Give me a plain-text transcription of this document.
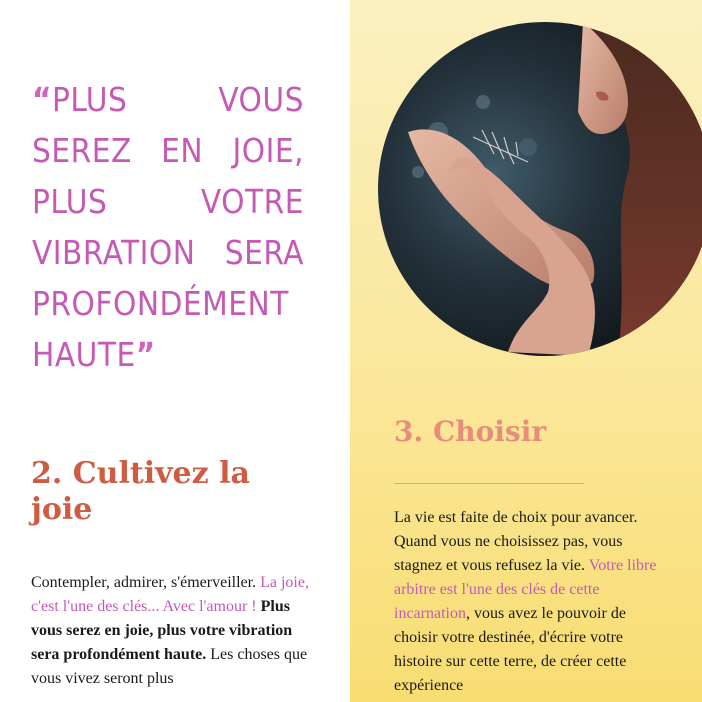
“PLUS VOUS SEREZ EN JOIE, PLUS VOTRE VIBRATION SERA PROFONDÉMENT HAUTE”

2. Cultivez la joie

Contempler, admirer, s'émerveiller. La joie, c'est l'une des clés... Avec l'amour ! Plus vous serez en joie, plus votre vibration sera profondément haute. Les choses que vous vivez seront plus

3. Choisir

La vie est faite de choix pour avancer. Quand vous ne choisissez pas, vous stagnez et vous refusez la vie. Votre libre arbitre est l'une des clés de cette incarnation, vous avez le pouvoir de choisir votre destinée, d'écrire votre histoire sur cette terre, de créer cette expérience
